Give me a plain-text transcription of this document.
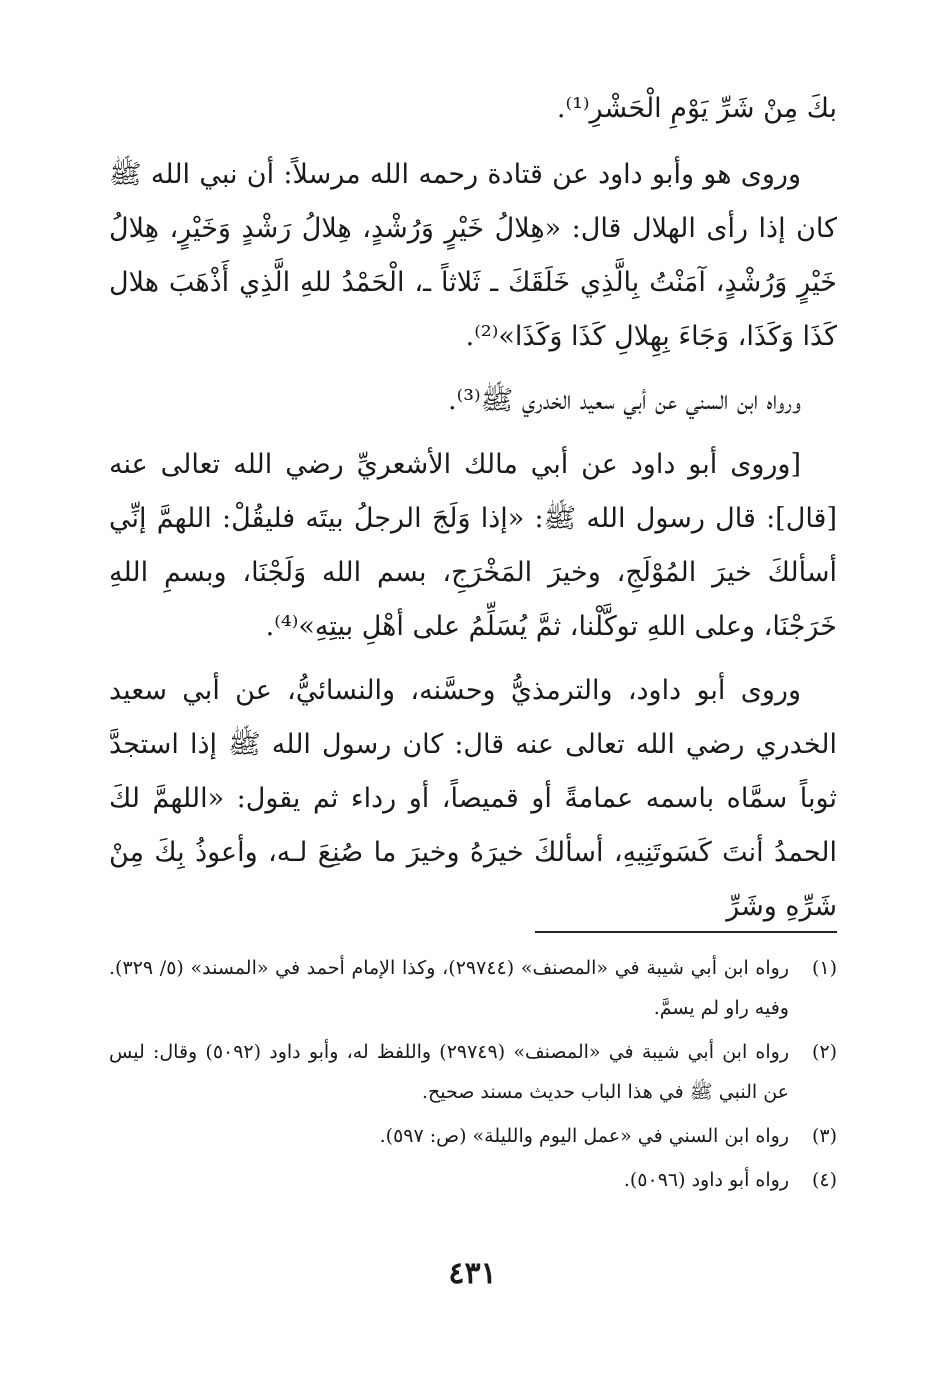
بكَ مِنْ شَرِّ يَوْمِ الْحَشْرِ⁽¹⁾.

وروى هو وأبو داود عن قتادة رحمه الله مرسلاً: أن نبي الله ﷺ كان إذا رأى الهلال قال: «هِلالُ خَيْرٍ وَرُشْدٍ، هِلالُ رَشْدٍ وَخَيْرٍ، هِلالُ خَيْرٍ وَرُشْدٍ، آمَنْتُ بِالَّذِي خَلَقَكَ ـ ثَلاثاً ـ، الْحَمْدُ للهِ الَّذِي أَذْهَبَ هلال كَذَا وَكَذَا، وَجَاءَ بِهِلالِ كَذَا وَكَذَا»⁽²⁾.

ورواه ابن السني عن أبي سعيد الخدري ﷺ⁽³⁾.

[وروى أبو داود عن أبي مالك الأشعريِّ رضي الله تعالى عنه [قال]: قال رسول الله ﷺ: «إذا وَلَجَ الرجلُ بيتَه فليقُلْ: اللهمَّ إنِّي أسألكَ خيرَ المُوْلَجِ، وخيرَ المَخْرَجِ، بسم الله وَلَجْنَا، وبسمِ اللهِ خَرَجْنَا، وعلى اللهِ توكَّلْنا، ثمَّ يُسَلِّمُ على أهْلِ بيتِهِ»⁽⁴⁾.

وروى أبو داود، والترمذيُّ وحسَّنه، والنسائيُّ، عن أبي سعيد الخدري رضي الله تعالى عنه قال: كان رسول الله ﷺ إذا استجدَّ ثوباً سمَّاه باسمه عمامةً أو قميصاً، أو رداء ثم يقول: «اللهمَّ لكَ الحمدُ أنتَ كَسَوتَنِيهِ، أسألكَ خيرَهُ وخيرَ ما صُنِعَ لـه، وأعوذُ بِكَ مِنْ شَرِّهِ وشَرِّ

(١)
رواه ابن أبي شيبة في «المصنف» (٢٩٧٤٤)، وكذا الإمام أحمد في «المسند» (٥/ ٣٢٩). وفيه راو لم يسمَّ.
(٢)
رواه ابن أبي شيبة في «المصنف» (٢٩٧٤٩) واللفظ له، وأبو داود (٥٠٩٢) وقال: ليس عن النبي ﷺ في هذا الباب حديث مسند صحيح.
(٣)
رواه ابن السني في «عمل اليوم والليلة» (ص: ٥٩٧).
(٤)
رواه أبو داود (٥٠٩٦).
٤٣١
